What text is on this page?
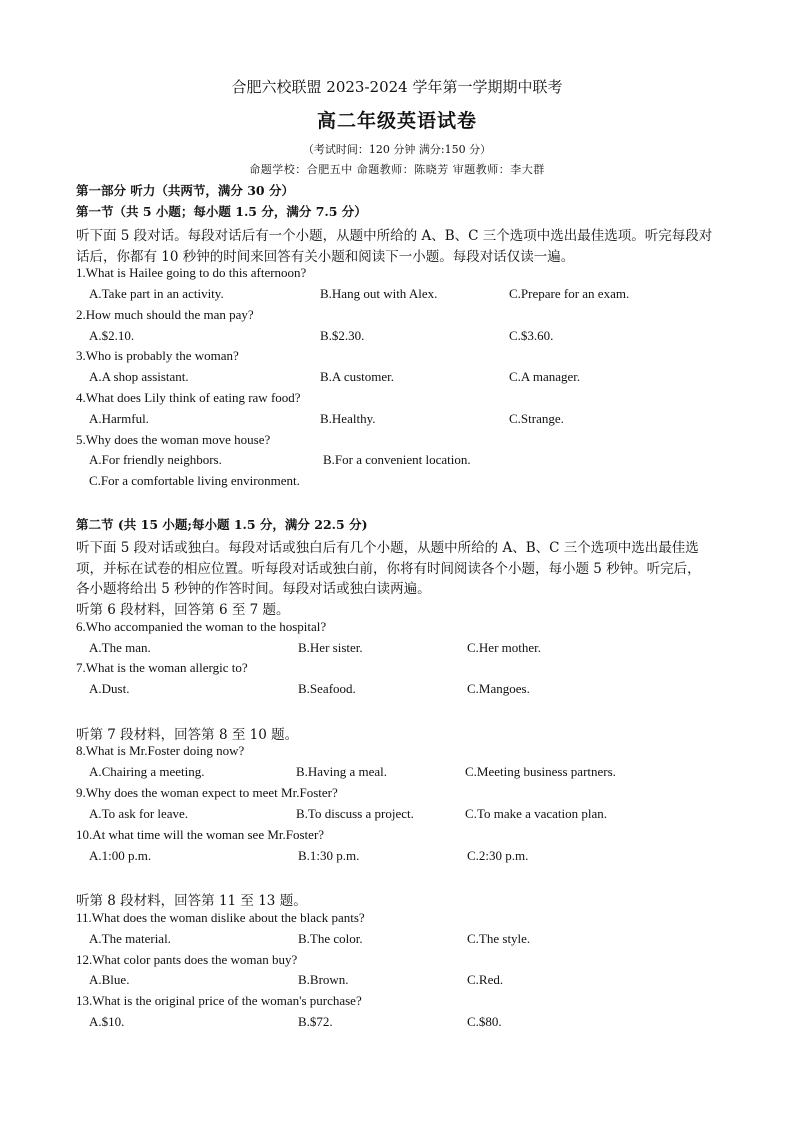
合肥六校联盟 2023-2024 学年第一学期期中联考
高二年级英语试卷
（考试时间：120 分钟 满分:150 分）
命题学校：合肥五中 命题教师：陈晓芳 审题教师：李大群
第一部分 听力（共两节，满分 30 分）
第一节（共 5 小题；每小题 1.5 分，满分 7.5 分）
听下面 5 段对话。每段对话后有一个小题，从题中所给的 A、B、C 三个选项中选出最佳选项。听完每段对
话后，你都有 10 秒钟的时间来回答有关小题和阅读下一小题。每段对话仅读一遍。
1.What is Hailee going to do this afternoon?
A.Take part in an activity.	B.Hang out with Alex.	C.Prepare for an exam.
2.How much should the man pay?
A.$2.10.	B.$2.30.	C.$3.60.
3.Who is probably the woman?
A.A shop assistant.	B.A customer.	C.A manager.
4.What does Lily think of eating raw food?
A.Harmful.	B.Healthy.	C.Strange.
5.Why does the woman move house?
A.For friendly neighbors.	B.For a convenient location.
C.For a comfortable living environment.
第二节 (共 15 小题;每小题 1.5 分，满分 22.5 分)
听下面 5 段对话或独白。每段对话或独白后有几个小题，从题中所给的 A、B、C 三个选项中选出最佳选
项，并标在试卷的相应位置。听每段对话或独白前，你将有时间阅读各个小题，每小题 5 秒钟。听完后，
各小题将给出 5 秒钟的作答时间。每段对话或独白读两遍。
听第 6 段材料，回答第 6 至 7 题。
6.Who accompanied the woman to the hospital?
A.The man.	B.Her sister.	C.Her mother.
7.What is the woman allergic to?
A.Dust.	B.Seafood.	C.Mangoes.
听第 7 段材料，回答第 8 至 10 题。
8.What is Mr.Foster doing now?
A.Chairing a meeting.	B.Having a meal.	C.Meeting business partners.
9.Why does the woman expect to meet Mr.Foster?
A.To ask for leave.	B.To discuss a project.	C.To make a vacation plan.
10.At what time will the woman see Mr.Foster?
A.1:00 p.m.	B.1:30 p.m.	C.2:30 p.m.
听第 8 段材料，回答第 11 至 13 题。
11.What does the woman dislike about the black pants?
A.The material.	B.The color.	C.The style.
12.What color pants does the woman buy?
A.Blue.	B.Brown.	C.Red.
13.What is the original price of the woman's purchase?
A.$10.	B.$72.	C.$80.
